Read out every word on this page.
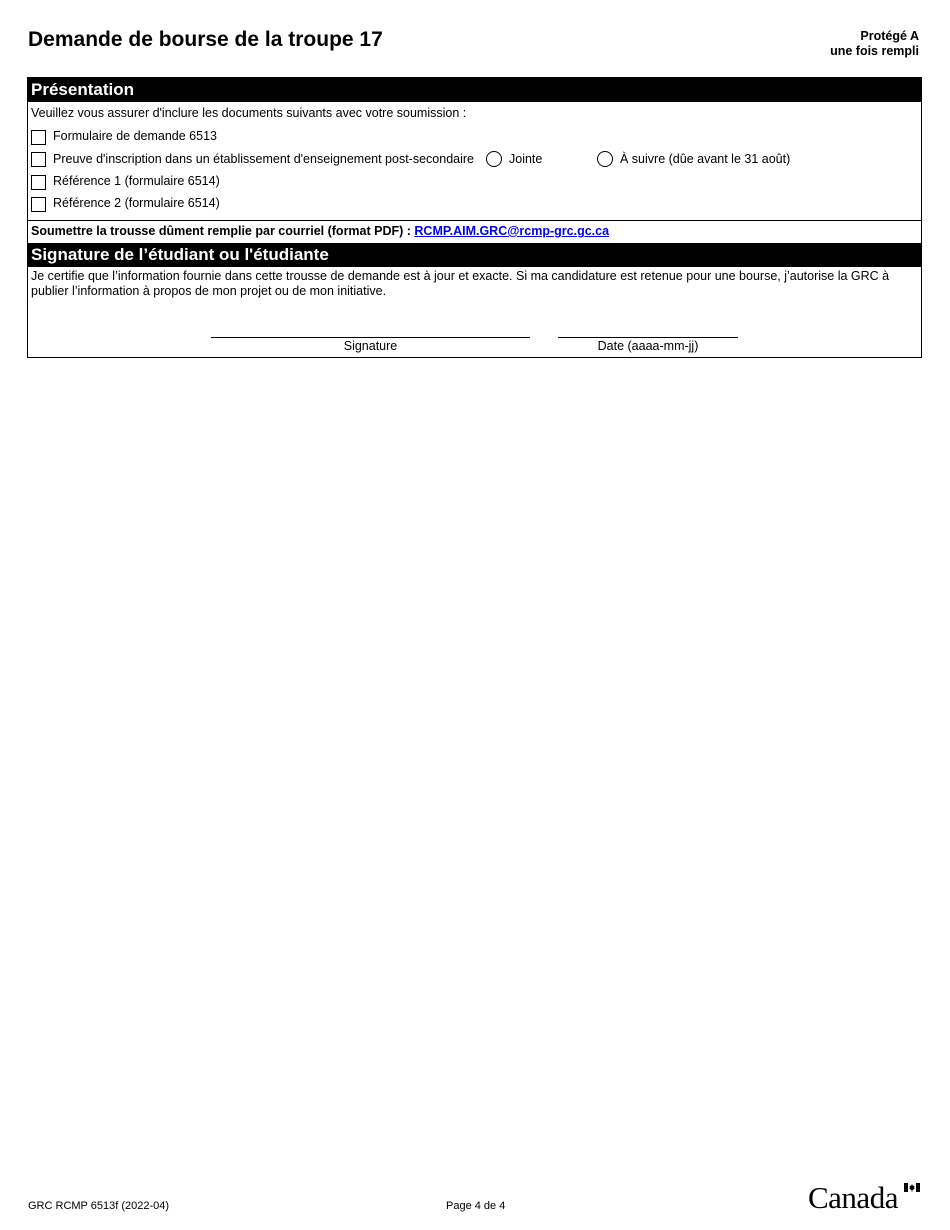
Demande de bourse de la troupe 17	Protégé A
une fois rempli
Présentation
Veuillez vous assurer d'inclure les documents suivants avec votre soumission :
Formulaire de demande 6513
Preuve d'inscription dans un établissement d'enseignement post-secondaire	Jointe	À suivre (dûe avant le 31 août)
Référence 1 (formulaire 6514)
Référence 2 (formulaire 6514)
Soumettre la trousse dûment remplie par courriel (format PDF) : RCMP.AIM.GRC@rcmp-grc.gc.ca
Signature de l’étudiant ou l'étudiante
Je certifie que l’information fournie dans cette trousse de demande est à jour et exacte. Si ma candidature est retenue pour une bourse, j’autorise la GRC à publier l’information à propos de mon projet ou de mon initiative.
Signature	Date (aaaa-mm-jj)
GRC RCMP 6513f (2022-04)	Page 4 de 4	Canada
